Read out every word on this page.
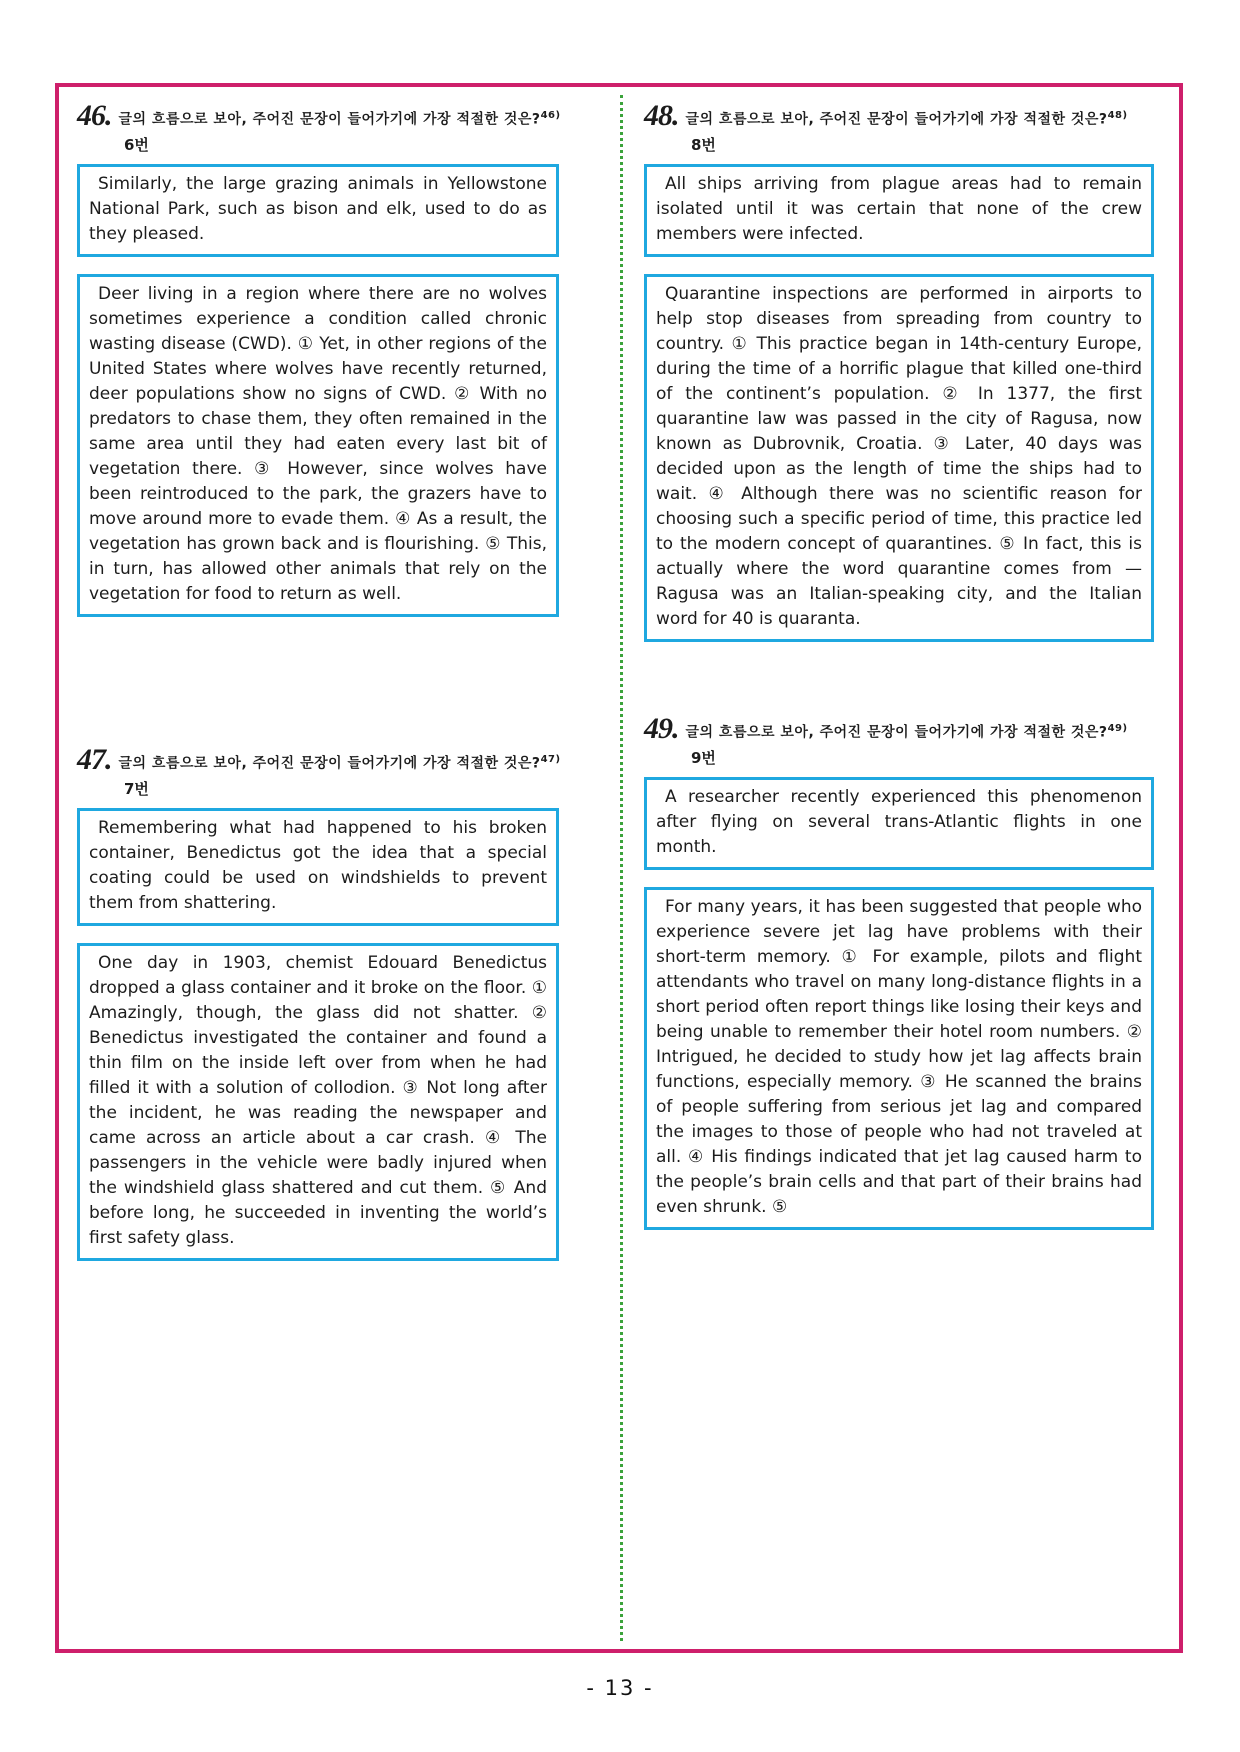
46. 글의 흐름으로 보아, 주어진 문장이 들어가기에 가장 적절한 것은?$^{46)}$
6번

Similarly, the large grazing animals in Yellowstone National Park, such as bison and elk, used to do as they pleased.

Deer living in a region where there are no wolves sometimes experience a condition called chronic wasting disease (CWD). ① Yet, in other regions of the United States where wolves have recently returned, deer populations show no signs of CWD. ② With no predators to chase them, they often remained in the same area until they had eaten every last bit of vegetation there. ③ However, since wolves have been reintroduced to the park, the grazers have to move around more to evade them. ④ As a result, the vegetation has grown back and is flourishing. ⑤ This, in turn, has allowed other animals that rely on the vegetation for food to return as well.

47. 글의 흐름으로 보아, 주어진 문장이 들어가기에 가장 적절한 것은?$^{47)}$
7번

Remembering what had happened to his broken container, Benedictus got the idea that a special coating could be used on windshields to prevent them from shattering.

One day in 1903, chemist Edouard Benedictus dropped a glass container and it broke on the floor. ① Amazingly, though, the glass did not shatter. ② Benedictus investigated the container and found a thin film on the inside left over from when he had filled it with a solution of collodion. ③ Not long after the incident, he was reading the newspaper and came across an article about a car crash. ④ The passengers in the vehicle were badly injured when the windshield glass shattered and cut them. ⑤ And before long, he succeeded in inventing the world’s first safety glass.

48. 글의 흐름으로 보아, 주어진 문장이 들어가기에 가장 적절한 것은?$^{48)}$
8번

All ships arriving from plague areas had to remain isolated until it was certain that none of the crew members were infected.

Quarantine inspections are performed in airports to help stop diseases from spreading from country to country. ① This practice began in 14th-century Europe, during the time of a horrific plague that killed one-third of the continent’s population. ② In 1377, the first quarantine law was passed in the city of Ragusa, now known as Dubrovnik, Croatia. ③ Later, 40 days was decided upon as the length of time the ships had to wait. ④ Although there was no scientific reason for choosing such a specific period of time, this practice led to the modern concept of quarantines. ⑤ In fact, this is actually where the word quarantine comes from — Ragusa was an Italian-speaking city, and the Italian word for 40 is quaranta.

49. 글의 흐름으로 보아, 주어진 문장이 들어가기에 가장 적절한 것은?$^{49)}$
9번

A researcher recently experienced this phenomenon after flying on several trans-Atlantic flights in one month.

For many years, it has been suggested that people who experience severe jet lag have problems with their short-term memory. ① For example, pilots and flight attendants who travel on many long-distance flights in a short period often report things like losing their keys and being unable to remember their hotel room numbers. ② Intrigued, he decided to study how jet lag affects brain functions, especially memory. ③ He scanned the brains of people suffering from serious jet lag and compared the images to those of people who had not traveled at all. ④ His findings indicated that jet lag caused harm to the people’s brain cells and that part of their brains had even shrunk. ⑤

- 13 -
